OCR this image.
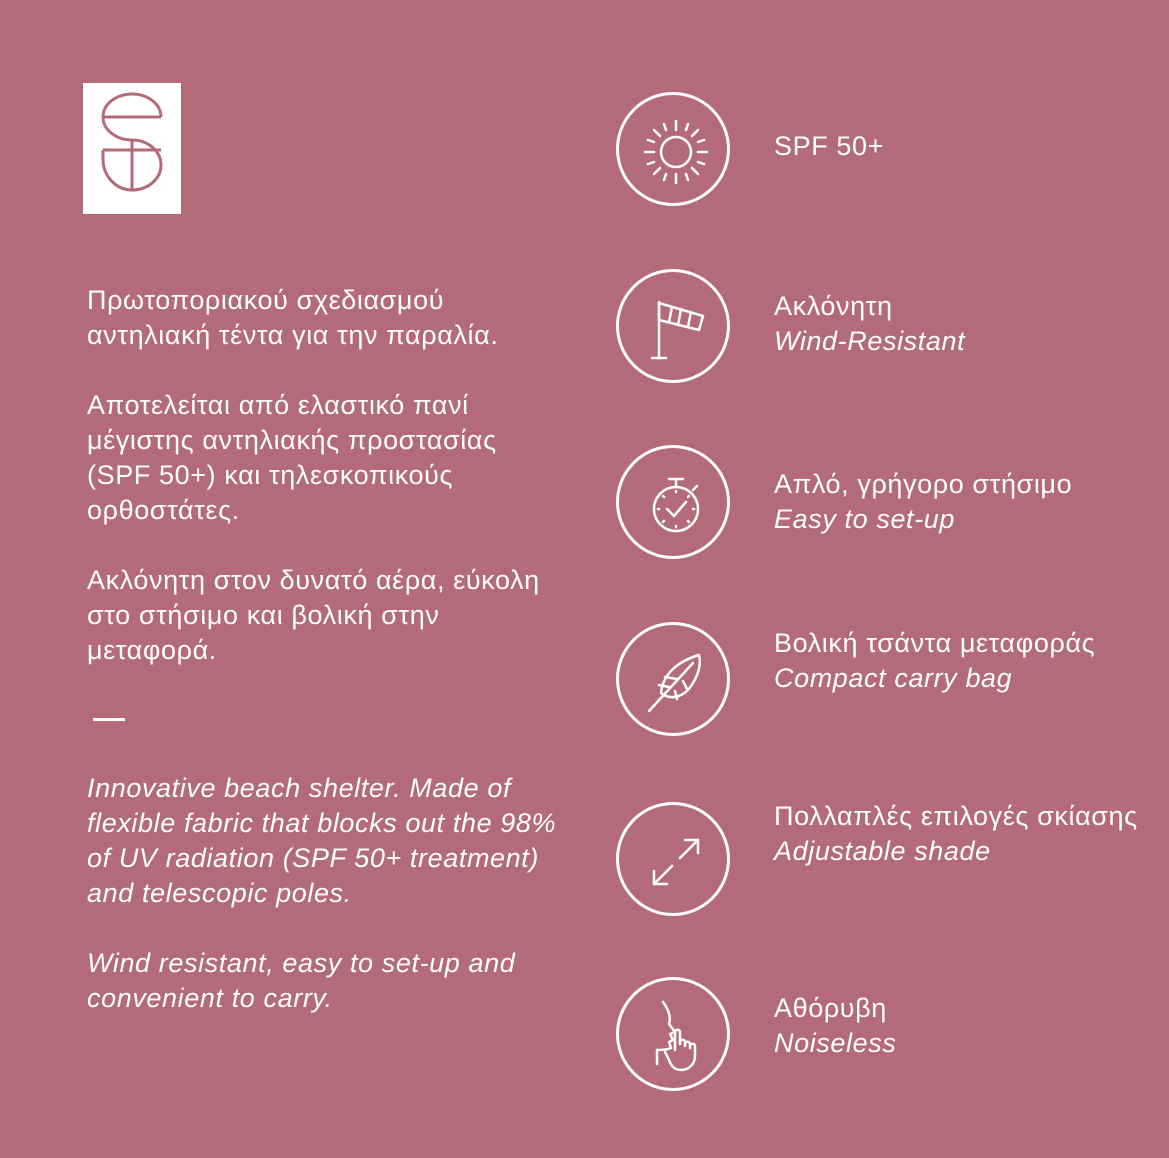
Πρωτοποριακού σχεδιασμού αντηλιακή τέντα για την παραλία.

Αποτελείται από ελαστικό πανί μέγιστης αντηλιακής προστασίας (SPF 50+) και τηλεσκοπικούς ορθοστάτες.

Ακλόνητη στον δυνατό αέρα, εύκολη στο στήσιμο και βολική στην μεταφορά.

Innovative beach shelter. Made of flexible fabric that blocks out the 98% of UV radiation (SPF 50+ treatment) and telescopic poles.

Wind resistant, easy to set-up and convenient to carry.

SPF 50+
Ακλόνητη
Wind-Resistant
Απλό, γρήγορο στήσιμο
Easy to set-up
Βολική τσάντα μεταφοράς
Compact carry bag
Πολλαπλές επιλογές σκίασης
Adjustable shade
Αθόρυβη
Noiseless
